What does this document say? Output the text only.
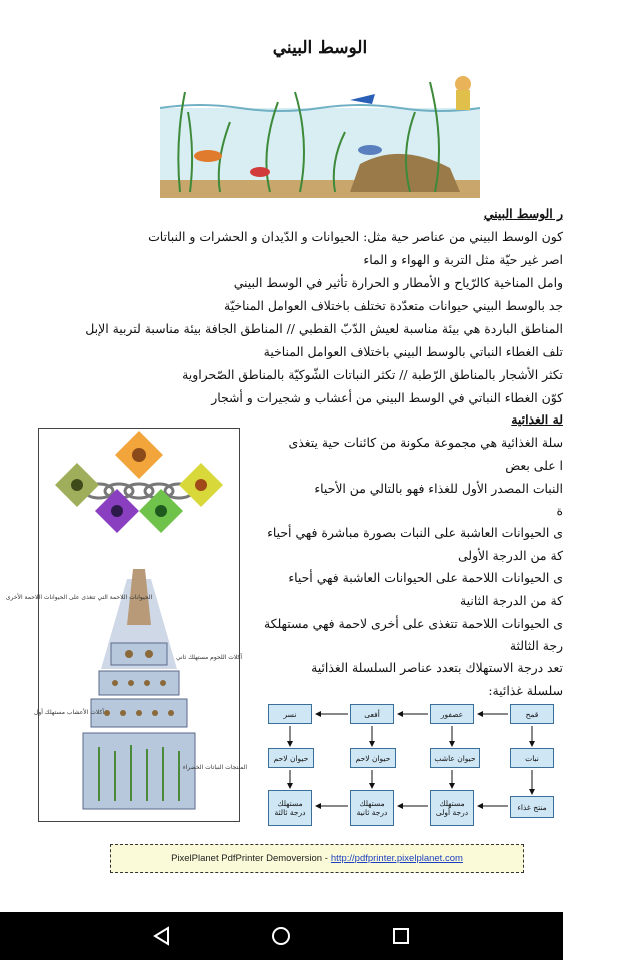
الوسط البيني
ر الوسط البيني
كون الوسط البيني من عناصر حية مثل: الحيوانات و الدّيدان و الحشرات و النباتات
اصر غير حيّة مثل التربة و الهواء و الماء
وامل المناخية كالرّياح و الأمطار و الحرارة تأثير في الوسط البيني
جد بالوسط البيني حيوانات متعدّدة تختلف باختلاف العوامل المناخيّة
المناطق الباردة هي بيئة مناسبة لعيش الدّبّ القطبي // المناطق الجافة بيئة مناسبة لتربية الإبل
تلف الغطاء النباتي بالوسط البيني باختلاف العوامل المناخية
تكثر الأشجار بالمناطق الرّطبة // تكثر النباتات الشّوكيّة بالمناطق الصّحراوية
كوّن الغطاء النباتي في الوسط البيني من أعشاب و شجيرات و أشجار
لة الغذائية
سلة الغذائية هي مجموعة مكونة من كائنات حية يتغذى
ا على بعض
النبات المصدر الأول للغذاء فهو بالتالي من الأحياء
ة
ى الحيوانات العاشبة على النبات بصورة مباشرة فهي أحياء
كة من الدرجة الأولى
ى الحيوانات اللاحمة على الحيوانات العاشبة فهي أحياء
كة من الدرجة الثانية
ى الحيوانات اللاحمة تتغذى على أخرى لاحمة فهي مستهلكة
رجة الثالثة
تعد درجة الاستهلاك بتعدد عناصر السلسلة الغذائية
سلسلة غذائية:
الحيوانات اللاحمة التي تتغذى على الحيوانات اللاحمة الأخرى
آكلات اللحوم مستهلك ثاني
آكلات الأعشاب مستهلك أول
المنتجات النباتات الخضراء
قمح
عصفور
أفعى
نسر
نبات
حيوان عاشب
حيوان لاحم
حيوان لاحم
منتج غذاء
مستهلك درجة أولى
مستهلك درجة ثانية
مستهلك درجة ثالثة
PixelPlanet PdfPrinter Demoversion - http://pdfprinter.pixelplanet.com
